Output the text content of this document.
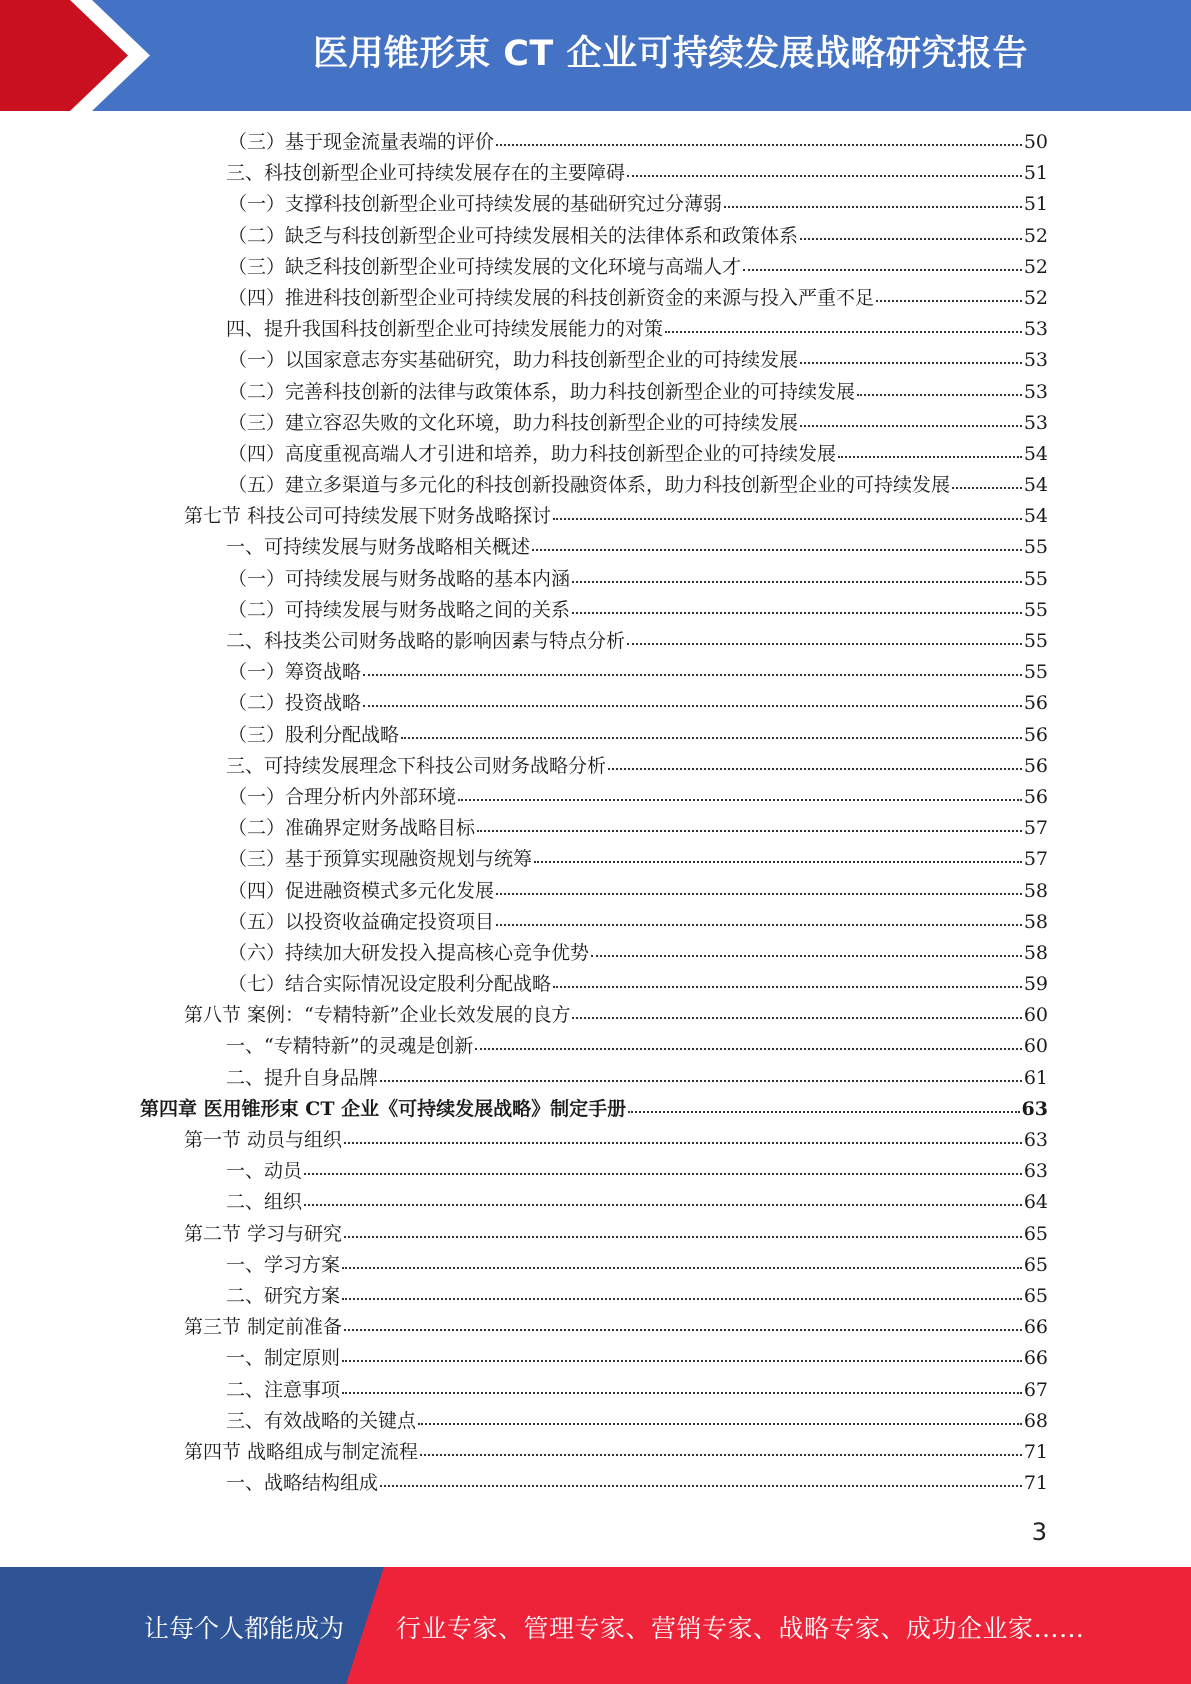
医用锥形束 CT 企业可持续发展战略研究报告
（三）基于现金流量表端的评价	50
三、科技创新型企业可持续发展存在的主要障碍	51
（一）支撑科技创新型企业可持续发展的基础研究过分薄弱	51
（二）缺乏与科技创新型企业可持续发展相关的法律体系和政策体系	52
（三）缺乏科技创新型企业可持续发展的文化环境与高端人才	52
（四）推进科技创新型企业可持续发展的科技创新资金的来源与投入严重不足	52
四、提升我国科技创新型企业可持续发展能力的对策	53
（一）以国家意志夯实基础研究，助力科技创新型企业的可持续发展	53
（二）完善科技创新的法律与政策体系，助力科技创新型企业的可持续发展	53
（三）建立容忍失败的文化环境，助力科技创新型企业的可持续发展	53
（四）高度重视高端人才引进和培养，助力科技创新型企业的可持续发展	54
（五）建立多渠道与多元化的科技创新投融资体系，助力科技创新型企业的可持续发展	54
第七节 科技公司可持续发展下财务战略探讨	54
一、可持续发展与财务战略相关概述	55
（一）可持续发展与财务战略的基本内涵	55
（二）可持续发展与财务战略之间的关系	55
二、科技类公司财务战略的影响因素与特点分析	55
（一）筹资战略	55
（二）投资战略	56
（三）股利分配战略	56
三、可持续发展理念下科技公司财务战略分析	56
（一）合理分析内外部环境	56
（二）准确界定财务战略目标	57
（三）基于预算实现融资规划与统筹	57
（四）促进融资模式多元化发展	58
（五）以投资收益确定投资项目	58
（六）持续加大研发投入提高核心竞争优势	58
（七）结合实际情况设定股利分配战略	59
第八节 案例：“专精特新”企业长效发展的良方	60
一、“专精特新”的灵魂是创新	60
二、提升自身品牌	61
第四章 医用锥形束 CT 企业《可持续发展战略》制定手册	63
第一节 动员与组织	63
一、动员	63
二、组织	64
第二节 学习与研究	65
一、学习方案	65
二、研究方案	65
第三节 制定前准备	66
一、制定原则	66
二、注意事项	67
三、有效战略的关键点	68
第四节 战略组成与制定流程	71
一、战略结构组成	71
3
让每个人都能成为 行业专家、管理专家、营销专家、战略专家、成功企业家……
